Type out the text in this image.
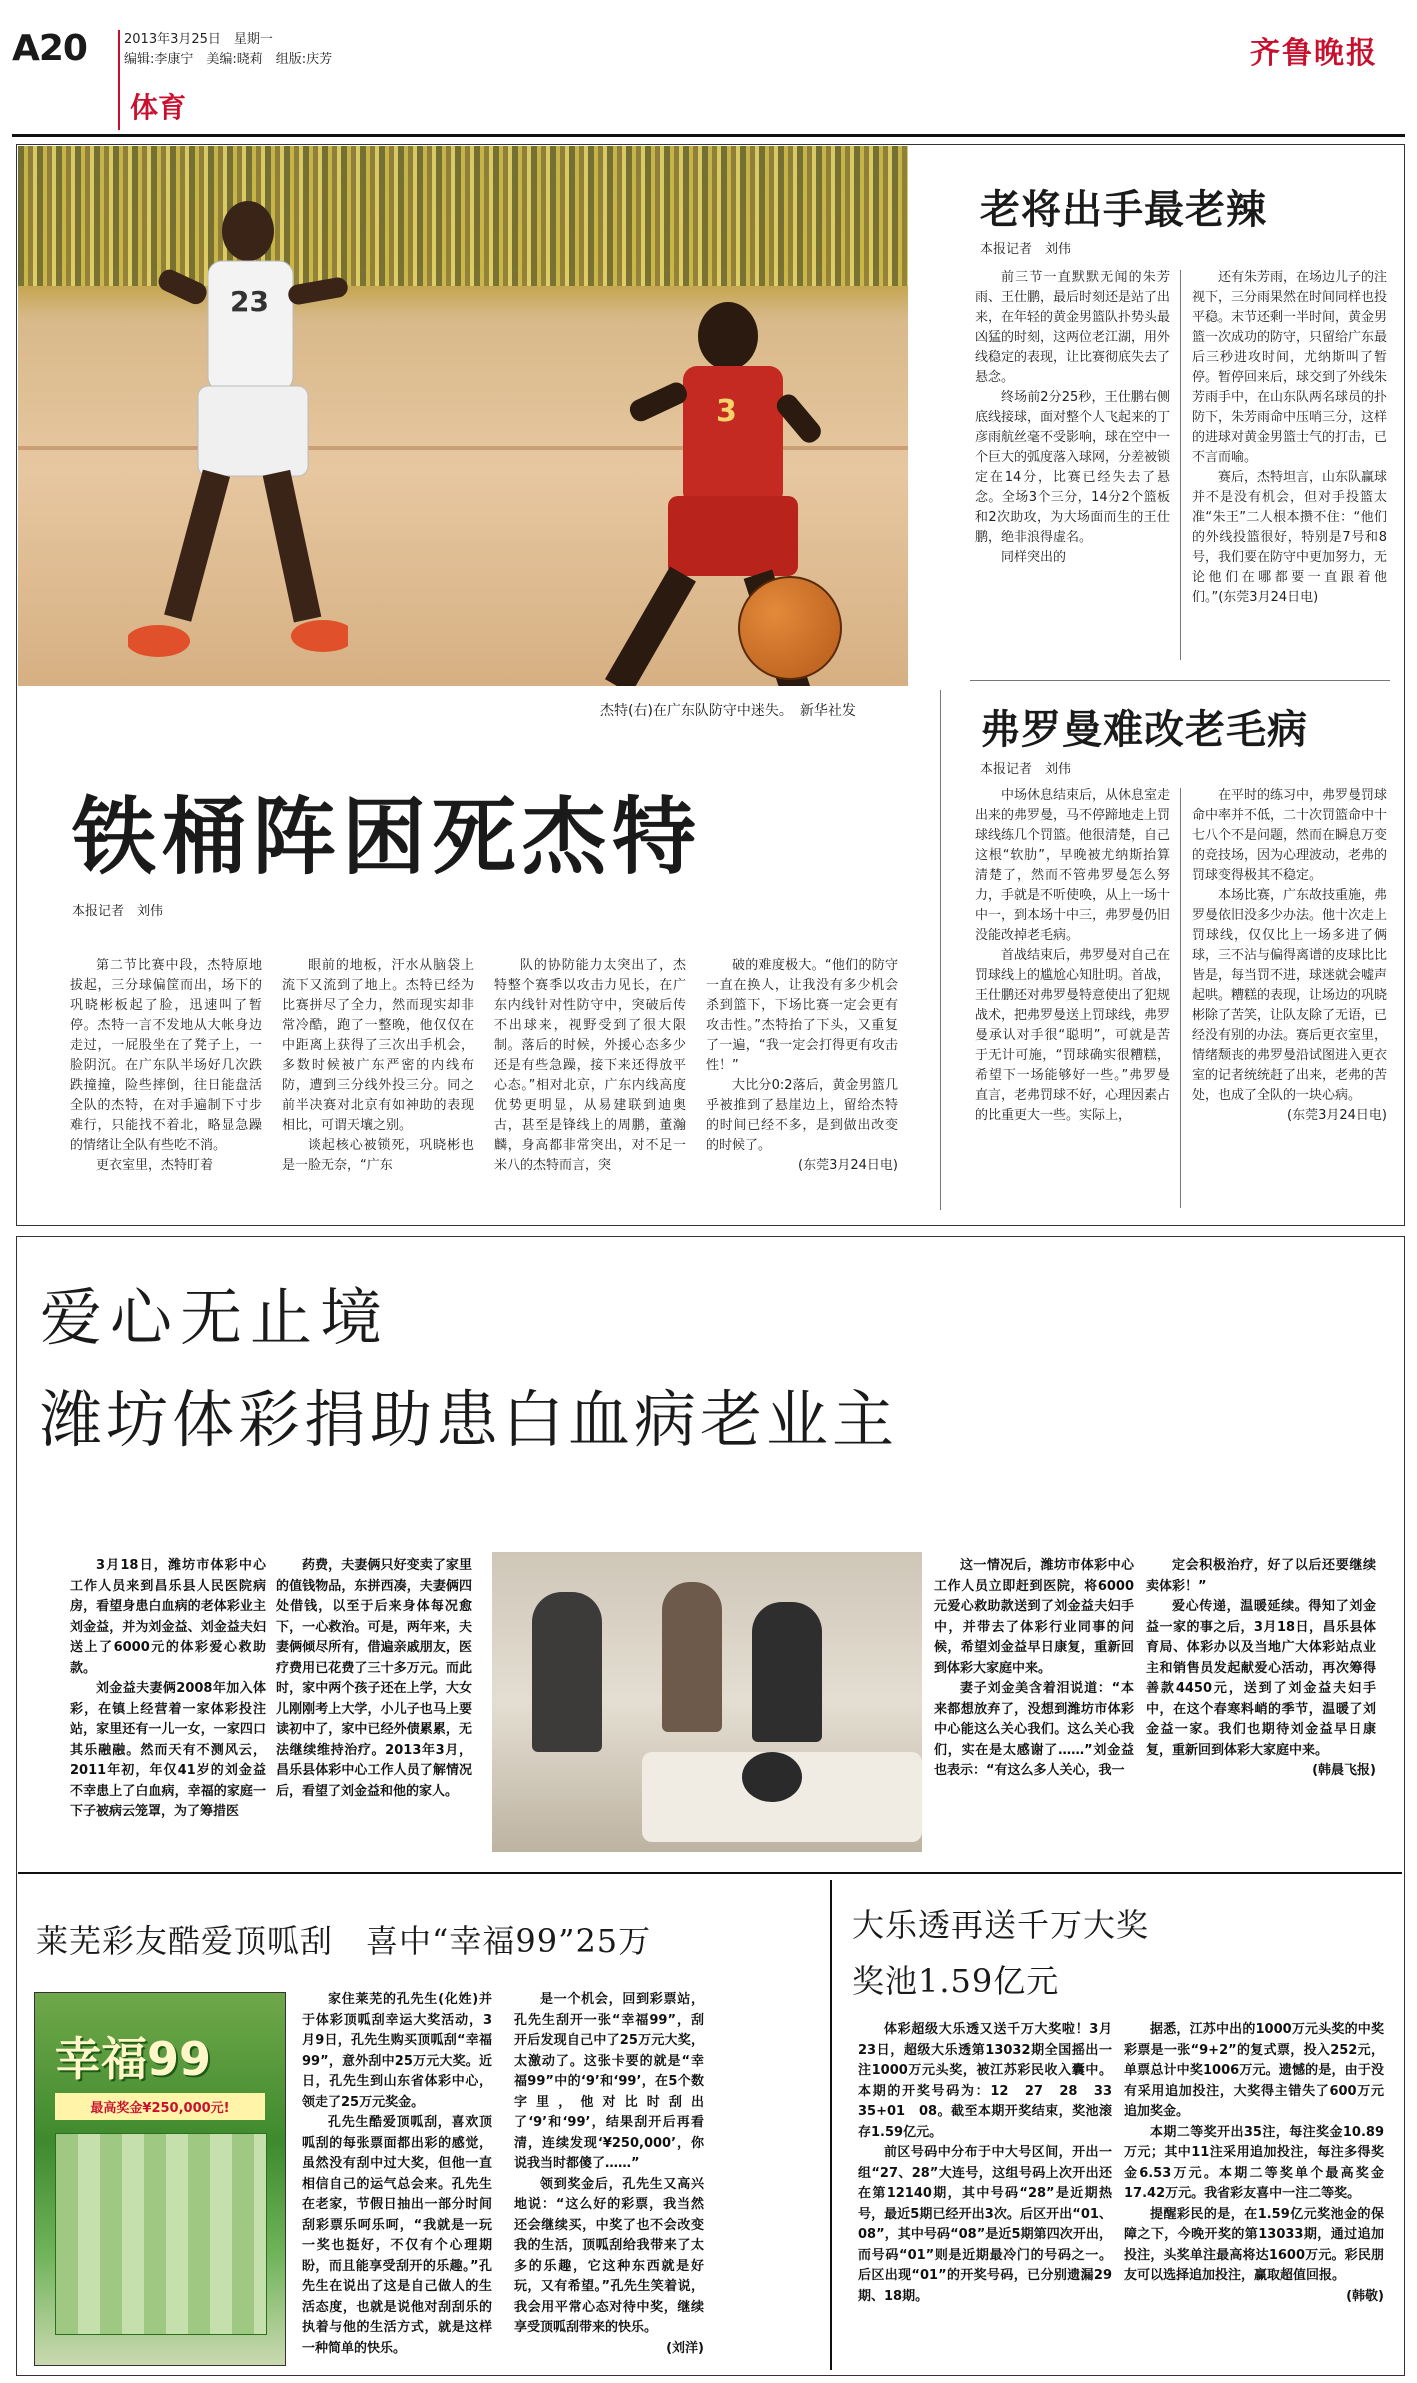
A20	2013年3月25日　星期一
编辑:李康宁　美编:晓莉　组版:庆芳
体育
齐鲁晚报
23
3
杰特(右)在广东队防守中迷失。　新华社发
老将出手最老辣
本报记者　刘伟

前三节一直默默无闻的朱芳雨、王仕鹏，最后时刻还是站了出来，在年轻的黄金男篮队扑势头最凶猛的时刻，这两位老江湖，用外线稳定的表现，让比赛彻底失去了悬念。

终场前2分25秒，王仕鹏右侧底线接球，面对整个人飞起来的丁彦雨航丝毫不受影响，球在空中一个巨大的弧度落入球网，分差被锁定在14分，比赛已经失去了悬念。全场3个三分，14分2个篮板和2次助攻，为大场面而生的王仕鹏，绝非浪得虚名。

同样突出的

还有朱芳雨，在场边儿子的注视下，三分雨果然在时间同样也投平稳。末节还剩一半时间，黄金男篮一次成功的防守，只留给广东最后三秒进攻时间，尤纳斯叫了暂停。暂停回来后，球交到了外线朱芳雨手中，在山东队两名球员的扑防下，朱芳雨命中压哨三分，这样的进球对黄金男篮士气的打击，已不言而喻。

赛后，杰特坦言，山东队赢球并不是没有机会，但对手投篮太准“朱王”二人根本攒不住：“他们的外线投篮很好，特别是7号和8号，我们要在防守中更加努力，无论他们在哪都要一直跟着他们。”(东莞3月24日电)

弗罗曼难改老毛病
本报记者　刘伟

中场休息结束后，从休息室走出来的弗罗曼，马不停蹄地走上罚球线练几个罚篮。他很清楚，自己这根“软肋”，早晚被尤纳斯抬算清楚了，然而不管弗罗曼怎么努力，手就是不听使唤，从上一场十中一，到本场十中三，弗罗曼仍旧没能改掉老毛病。

首战结束后，弗罗曼对自己在罚球线上的尴尬心知肚明。首战，王仕鹏还对弗罗曼特意使出了犯规战术，把弗罗曼送上罚球线，弗罗曼承认对手很“聪明”，可就是苦于无计可施，“罚球确实很糟糕，希望下一场能够好一些。”弗罗曼直言，老弗罚球不好，心理因素占的比重更大一些。实际上，

在平时的练习中，弗罗曼罚球命中率并不低，二十次罚篮命中十七八个不是问题，然而在瞬息万变的竞技场，因为心理波动，老弗的罚球变得极其不稳定。

本场比赛，广东故技重施，弗罗曼依旧没多少办法。他十次走上罚球线，仅仅比上一场多进了俩球，三不沾与偏得离谱的皮球比比皆是，每当罚不进，球迷就会嘘声起哄。糟糕的表现，让场边的巩晓彬除了苦笑，让队友除了无语，已经没有别的办法。赛后更衣室里，情绪颓丧的弗罗曼沿试图进入更衣室的记者统统赶了出来，老弗的苦处，也成了全队的一块心病。

(东莞3月24日电)

铁桶阵困死杰特
本报记者　刘伟

第二节比赛中段，杰特原地拔起，三分球偏筐而出，场下的巩晓彬板起了脸，迅速叫了暂停。杰特一言不发地从大帐身边走过，一屁股坐在了凳子上，一脸阴沉。在广东队半场好几次跌跌撞撞，险些摔倒，往日能盘活全队的杰特，在对手遍制下寸步难行，只能找不着北，略显急躁的情绪让全队有些吃不消。

更衣室里，杰特盯着

眼前的地板，汗水从脑袋上流下又流到了地上。杰特已经为比赛拼尽了全力，然而现实却非常冷酷，跑了一整晚，他仅仅在中距离上获得了三次出手机会，多数时候被广东严密的内线布防，遭到三分线外投三分。同之前半决赛对北京有如神助的表现相比，可谓天壤之别。

谈起核心被锁死，巩晓彬也是一脸无奈，“广东

队的协防能力太突出了，杰特整个赛季以攻击力见长，在广东内线针对性防守中，突破后传不出球来，视野受到了很大限制。落后的时候，外援心态多少还是有些急躁，接下来还得放平心态。”相对北京，广东内线高度优势更明显，从易建联到迪奥古，甚至是锋线上的周鹏，董瀚麟，身高都非常突出，对不足一米八的杰特而言，突

破的难度极大。“他们的防守一直在换人，让我没有多少机会杀到篮下，下场比赛一定会更有攻击性。”杰特抬了下头，又重复了一遍，“我一定会打得更有攻击性！”

大比分0:2落后，黄金男篮几乎被推到了悬崖边上，留给杰特的时间已经不多，是到做出改变的时候了。

(东莞3月24日电)

爱心无止境
潍坊体彩捐助患白血病老业主

3月18日，潍坊市体彩中心工作人员来到昌乐县人民医院病房，看望身患白血病的老体彩业主刘金益，并为刘金益、刘金益夫妇送上了6000元的体彩爱心救助款。

刘金益夫妻俩2008年加入体彩，在镇上经营着一家体彩投注站，家里还有一儿一女，一家四口其乐融融。然而天有不测风云，2011年初，年仅41岁的刘金益不幸患上了白血病，幸福的家庭一下子被病云笼罩，为了筹措医

药费，夫妻俩只好变卖了家里的值钱物品，东拼西凑，夫妻俩四处借钱，以至于后来身体每况愈下，一心救治。可是，两年来，夫妻俩倾尽所有，借遍亲戚朋友，医疗费用已花费了三十多万元。而此时，家中两个孩子还在上学，大女儿刚刚考上大学，小儿子也马上要读初中了，家中已经外债累累，无法继续维持治疗。2013年3月，昌乐县体彩中心工作人员了解情况后，看望了刘金益和他的家人。

这一情况后，潍坊市体彩中心工作人员立即赶到医院，将6000元爱心救助款送到了刘金益夫妇手中，并带去了体彩行业同事的问候，希望刘金益早日康复，重新回到体彩大家庭中来。

妻子刘金美含着泪说道：“本来都想放弃了，没想到潍坊市体彩中心能这么关心我们。这么关心我们，实在是太感谢了……”刘金益也表示：“有这么多人关心，我一

定会积极治疗，好了以后还要继续卖体彩！”

爱心传递，温暖延续。得知了刘金益一家的事之后，3月18日，昌乐县体育局、体彩办以及当地广大体彩站点业主和销售员发起献爱心活动，再次筹得善款4450元，送到了刘金益夫妇手中，在这个春寒料峭的季节，温暖了刘金益一家。我们也期待刘金益早日康复，重新回到体彩大家庭中来。

(韩晨飞报)

莱芜彩友酷爱顶呱刮　喜中“幸福99”25万
幸福99
最高奖金¥250,000元!

家住莱芜的孔先生(化姓)并于体彩顶呱刮幸运大奖活动，3月9日，孔先生购买顶呱刮“幸福99”，意外刮中25万元大奖。近日，孔先生到山东省体彩中心，领走了25万元奖金。

孔先生酷爱顶呱刮，喜欢顶呱刮的每张票面都出彩的感觉，虽然没有刮中过大奖，但他一直相信自己的运气总会来。孔先生在老家，节假日抽出一部分时间刮彩票乐呵乐呵，“我就是一玩一奖也挺好，不仅有个心理期盼，而且能享受刮开的乐趣。”孔先生在说出了这是自己做人的生活态度，也就是说他对刮刮乐的执着与他的生活方式，就是这样一种简单的快乐。

是一个机会，回到彩票站，孔先生刮开一张“幸福99”，刮开后发现自己中了25万元大奖，太激动了。这张卡要的就是“幸福99”中的‘9’和‘99’，在5个数字里，他对比时刮出了‘9’和‘99’，结果刮开后再看清，连续发现‘¥250,000’，你说我当时都傻了……”

领到奖金后，孔先生又高兴地说：“这么好的彩票，我当然还会继续买，中奖了也不会改变我的生活，顶呱刮给我带来了太多的乐趣，它这种东西就是好玩，又有希望。”孔先生笑着说，我会用平常心态对待中奖，继续享受顶呱刮带来的快乐。

(刘洋)

大乐透再送千万大奖
奖池1.59亿元

体彩超级大乐透又送千万大奖啦！3月23日，超级大乐透第13032期全国摇出一注1000万元头奖，被江苏彩民收入囊中。本期的开奖号码为：12　27　28　33　35+01　08。截至本期开奖结束，奖池滚存1.59亿元。

前区号码中分布于中大号区间，开出一组“27、28”大连号，这组号码上次开出还在第12140期，其中号码“28”是近期热号，最近5期已经开出3次。后区开出“01、08”，其中号码“08”是近5期第四次开出，而号码“01”则是近期最冷门的号码之一。后区出现“01”的开奖号码，已分别遗漏29期、18期。

据悉，江苏中出的1000万元头奖的中奖彩票是一张“9+2”的复式票，投入252元，单票总计中奖1006万元。遗憾的是，由于没有采用追加投注，大奖得主错失了600万元追加奖金。

本期二等奖开出35注，每注奖金10.89万元；其中11注采用追加投注，每注多得奖金6.53万元。本期二等奖单个最高奖金17.42万元。我省彩友喜中一注二等奖。

提醒彩民的是，在1.59亿元奖池金的保障之下，今晚开奖的第13033期，通过追加投注，头奖单注最高将达1600万元。彩民朋友可以选择追加投注，赢取超值回报。

(韩敬)
